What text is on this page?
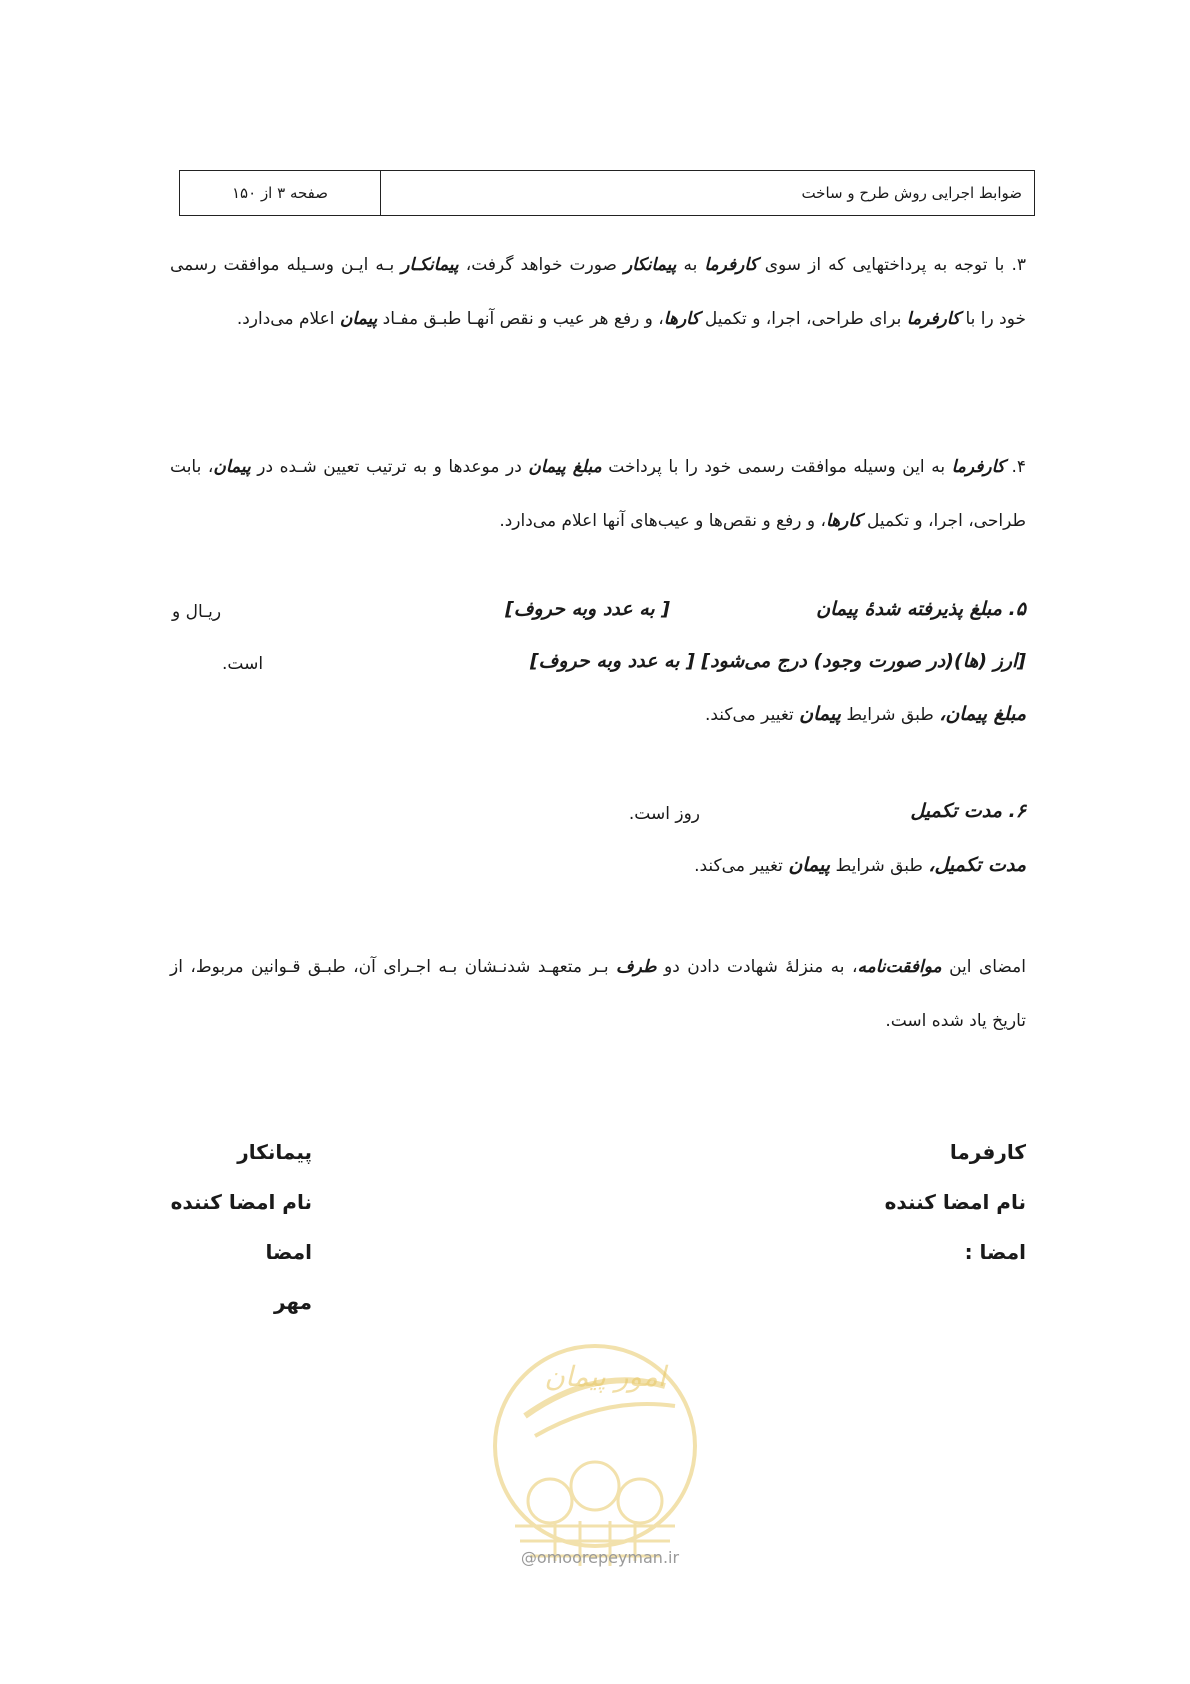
ضوابط اجرایی روش طرح و ساخت
صفحه ۳ از ۱۵۰
۳. با توجه به پرداختهایی که از سوی کارفرما به پیمانکار صورت خواهد گرفت، پیمانکـار بـه ایـن وسـیله موافقت رسمی خود را با کارفرما برای طراحی، اجرا، و تکمیل کارها، و رفع هر عیب و نقص آنهـا طبـق مفـاد پیمان اعلام می‌دارد.
۴. کارفرما به این وسیله موافقت رسمی خود را با پرداخت مبلغ پیمان در موعدها و به ترتیب تعیین شـده در پیمان، بابت طراحی، اجرا، و تکمیل کارها، و رفع و نقص‌ها و عیب‌های آنها اعلام می‌دارد.
۵. مبلغ پذیرفته شدهٔ پیمان
[ به عدد وبه حروف]
ریـال و
[ارز (ها)(در صورت وجود) درج می‌شود] [ به عدد وبه حروف]
است.
مبلغ پیمان، طبق شرایط پیمان تغییر می‌کند.
۶. مدت تکمیل
روز است.
مدت تکمیل، طبق شرایط پیمان تغییر می‌کند.
امضای این موافقت‌نامه، به منزلهٔ شهادت دادن دو طرف بـر متعهـد شدنـشان بـه اجـرای آن، طبـق قـوانین مربوط، از تاریخ یاد شده است.
کارفرما
نام امضا کننده
امضا :
پیمانکار
نام امضا کننده
امضا
مهر
امور پیمان
@omoorepeyman.ir
